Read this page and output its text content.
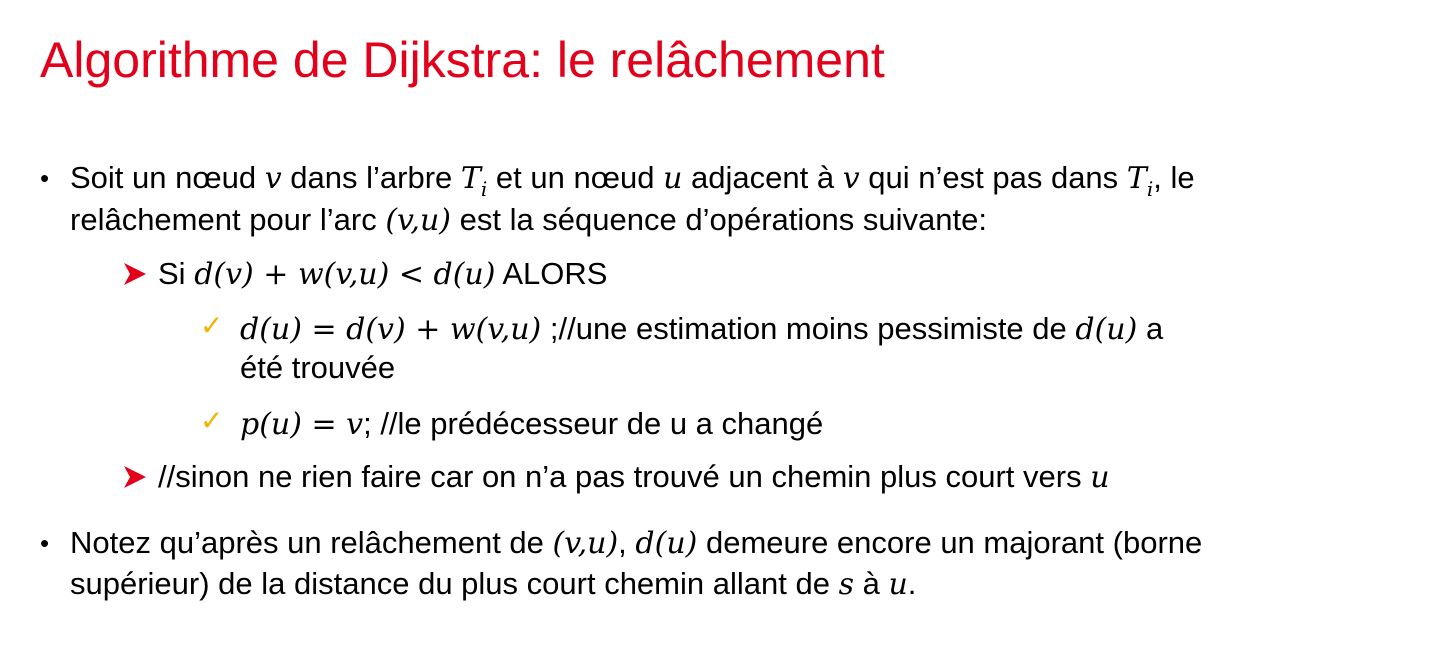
Algorithme de Dijkstra: le relâchement
• Soit un nœud v dans l’arbre $T_i$ et un nœud u adjacent à v qui n’est pas dans $T_i$, le
relâchement pour l’arc (v,u) est la séquence d’opérations suivante:
Si d(v) + w(v,u) < d(u) ALORS
✓ d(u) = d(v) + w(v,u) ;//une estimation moins pessimiste de d(u) a
été trouvée
✓ p(u) = v; //le prédécesseur de u a changé
//sinon ne rien faire car on n’a pas trouvé un chemin plus court vers u
• Notez qu’après un relâchement de (v,u), d(u) demeure encore un majorant (borne
supérieur) de la distance du plus court chemin allant de s à u.
